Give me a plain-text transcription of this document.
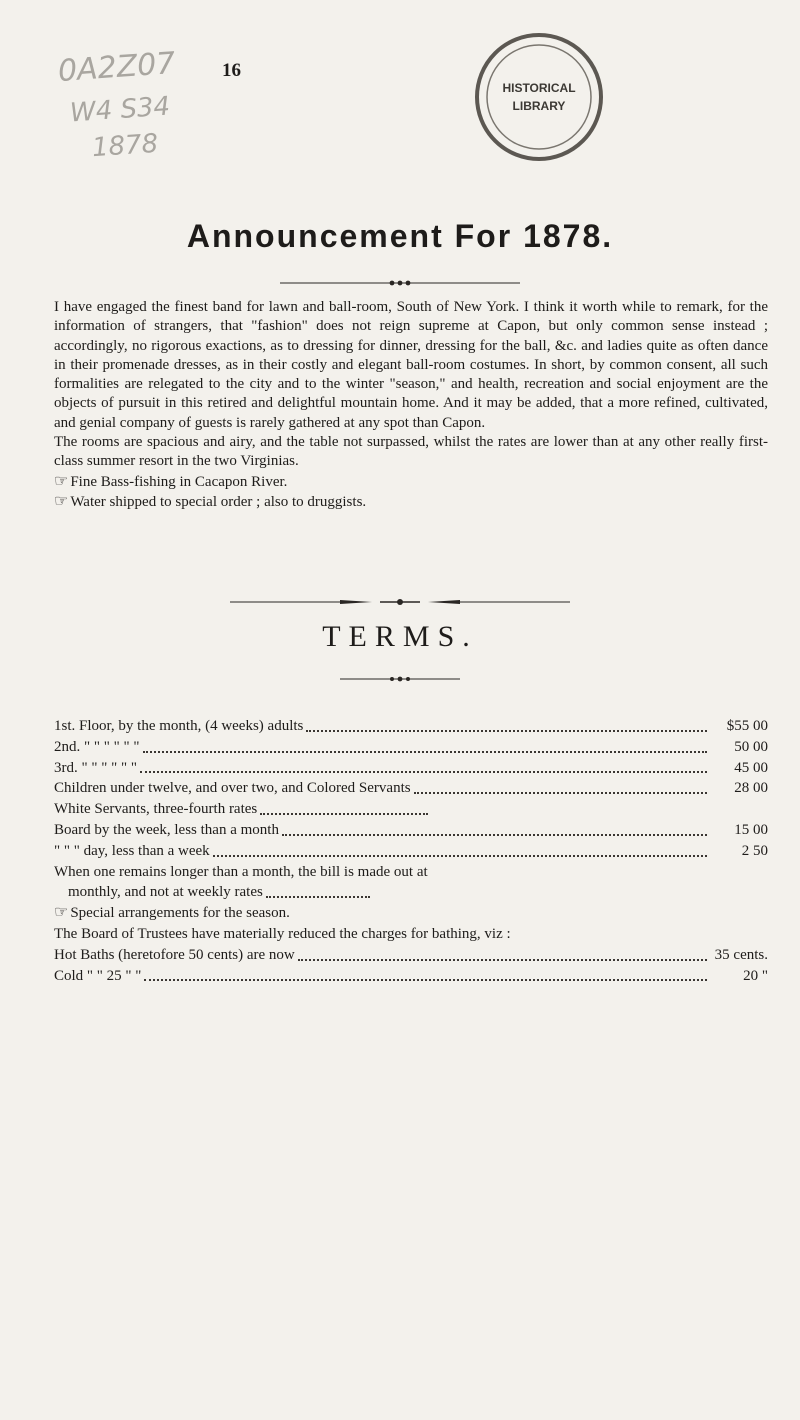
0A2Z07
W4 S34
1878
16
HISTORICAL
LIBRARY
Announcement For 1878.

I have engaged the finest band for lawn and ball-room, South of New York. I think it worth while to remark, for the information of strangers, that "fashion" does not reign supreme at Capon, but only common sense instead ; accordingly, no rigorous exactions, as to dressing for dinner, dressing for the ball, &c. and ladies quite as often dance in their promenade dresses, as in their costly and elegant ball-room costumes. In short, by common consent, all such formalities are relegated to the city and to the winter "season," and health, recreation and social enjoyment are the objects of pursuit in this retired and delightful mountain home. And it may be added, that a more refined, cultivated, and genial company of guests is rarely gathered at any spot than Capon.

The rooms are spacious and airy, and the table not surpassed, whilst the rates are lower than at any other really first-class summer resort in the two Virginias.

☞ Fine Bass-fishing in Cacapon River.

☞ Water shipped to special order ; also to druggists.

TERMS.
1st. Floor, by the month, (4 weeks) adults	$55 00
2nd. " " " " " "	50 00
3rd. " " " " " "	45 00
Children under twelve, and over two, and Colored Servants	28 00
White Servants, three-fourth rates
Board by the week, less than a month	15 00
" " " day, less than a week	2 50
When one remains longer than a month, the bill is made out at
monthly, and not at weekly rates
☞ Special arrangements for the season.
The Board of Trustees have materially reduced the charges for bathing, viz :
Hot Baths (heretofore 50 cents) are now	35 cents.
Cold " " 25 " "	20 "
